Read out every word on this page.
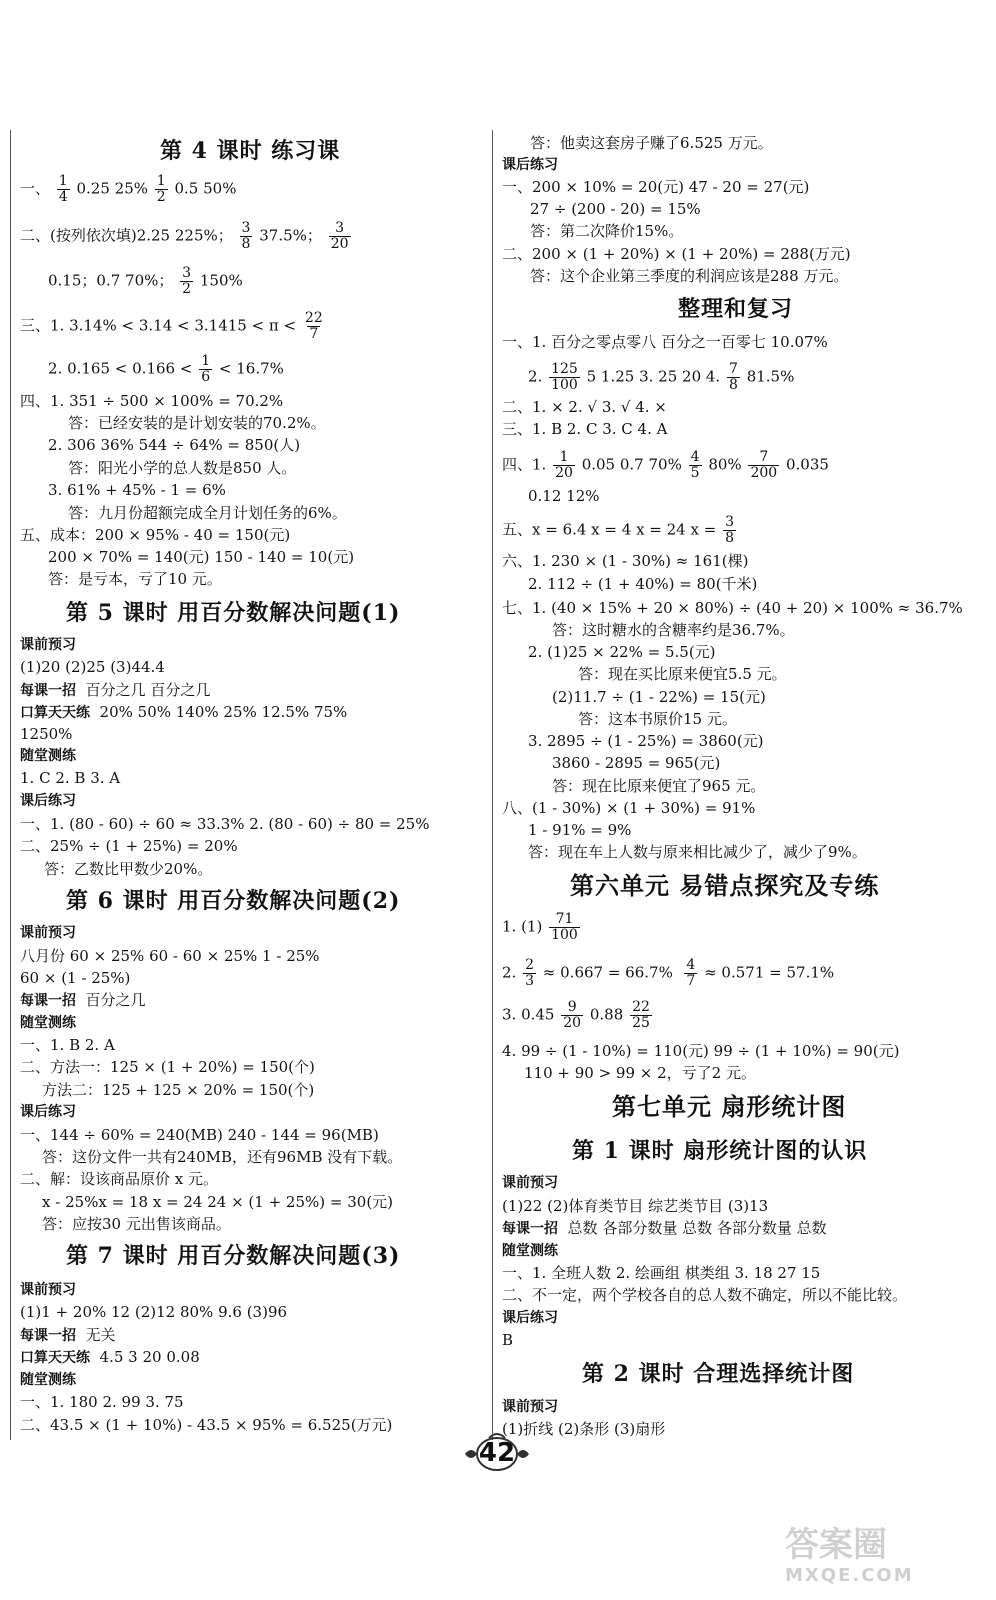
第 4 课时 练习课
一、 $\frac{1}{4} 0.25$ $25\% \frac{1}{2} 0.5$ 50%
二、(按列依次填)2.25 225%； $\frac{3}{8} 37.5\%$； $\frac{3}{20}$
0.15；0.7 70%； $\frac{3}{2} 150\%$
三、1. $3.14\% < 3.14 < 3.1415 < \pi < \frac{22}{7}$
2. $0.165 < 0.166 < \frac{1}{6} < 16.7\%$
四、1. 351 ÷ 500 × 100% = 70.2%
答：已经安装的是计划安装的70.2%。
2. 306 36% 544 ÷ 64% = 850(人)
答：阳光小学的总人数是850 人。
3. 61% + 45% - 1 = 6%
答：九月份超额完成全月计划任务的6%。
五、成本：200 × 95% - 40 = 150(元)
200 × 70% = 140(元) 150 - 140 = 10(元)
答：是亏本，亏了10 元。
第 5 课时 用百分数解决问题(1)
课前预习
(1)20 (2)25 (3)44.4
每课一招 百分之几 百分之几
口算天天练 20% 50% 140% 25% 12.5% 75%
1250%
随堂测练
1. C 2. B 3. A
课后练习
一、1. (80 - 60) ÷ 60 ≈ 33.3% 2. (80 - 60) ÷ 80 = 25%
二、25% ÷ (1 + 25%) = 20%
答：乙数比甲数少20%。
第 6 课时 用百分数解决问题(2)
课前预习
八月份 60 × 25% 60 - 60 × 25% 1 - 25%
60 × (1 - 25%)
每课一招 百分之几
随堂测练
一、1. B 2. A
二、方法一：125 × (1 + 20%) = 150(个)
方法二：125 + 125 × 20% = 150(个)
课后练习
一、144 ÷ 60% = 240(MB) 240 - 144 = 96(MB)
答：这份文件一共有240MB，还有96MB 没有下载。
二、解：设该商品原价 x 元。
x - 25%x = 18 x = 24 24 × (1 + 25%) = 30(元)
答：应按30 元出售该商品。
第 7 课时 用百分数解决问题(3)
课前预习
(1)1 + 20% 12 (2)12 80% 9.6 (3)96
每课一招 无关
口算天天练 4.5 3 20 0.08
随堂测练
一、1. 180 2. 99 3. 75
二、43.5 × (1 + 10%) - 43.5 × 95% = 6.525(万元)
答：他卖这套房子赚了6.525 万元。
课后练习
一、200 × 10% = 20(元) 47 - 20 = 27(元)
27 ÷ (200 - 20) = 15%
答：第二次降价15%。
二、200 × (1 + 20%) × (1 + 20%) = 288(万元)
答：这个企业第三季度的利润应该是288 万元。
整理和复习
一、1. 百分之零点零八 百分之一百零七 10.07%
2. $\frac{125}{100} 5$ 1.25 3. 25 20 4. $\frac{7}{8} 81.5\%$
二、1. × 2. √ 3. √ 4. ×
三、1. B 2. C 3. C 4. A
四、1. $\frac{1}{20} 0.05$ 0.7 $70\% \frac{4}{5} 80\% \frac{7}{200} 0.035$
0.12 12%
五、x = 6.4 x = 4 x = 24 $x = \frac{3}{8}$
六、1. 230 × (1 - 30%) ≈ 161(棵)
2. 112 ÷ (1 + 40%) = 80(千米)
七、1. (40 × 15% + 20 × 80%) ÷ (40 + 20) × 100% ≈ 36.7%
答：这时糖水的含糖率约是36.7%。
2. (1)25 × 22% = 5.5(元)
答：现在买比原来便宜5.5 元。
(2)11.7 ÷ (1 - 22%) = 15(元)
答：这本书原价15 元。
3. 2895 ÷ (1 - 25%) = 3860(元)
3860 - 2895 = 965(元)
答：现在比原来便宜了965 元。
八、(1 - 30%) × (1 + 30%) = 91%
1 - 91% = 9%
答：现在车上人数与原来相比减少了，减少了9%。
第六单元 易错点探究及专练
1. $(1) \frac{71}{100}$
2. $\frac{2}{3} \approx 0.667 = 66.7\% \frac{4}{7} \approx 0.571 = 57.1\%$
3. $0.45 \frac{9}{20} 0.88 \frac{22}{25}$
4. 99 ÷ (1 - 10%) = 110(元) 99 ÷ (1 + 10%) = 90(元)
110 + 90 > 99 × 2，亏了2 元。
第七单元 扇形统计图
第 1 课时 扇形统计图的认识
课前预习
(1)22 (2)体育类节目 综艺类节目 (3)13
每课一招 总数 各部分数量 总数 各部分数量 总数
随堂测练
一、1. 全班人数 2. 绘画组 棋类组 3. 18 27 15
二、不一定，两个学校各自的总人数不确定，所以不能比较。
课后练习
B
第 2 课时 合理选择统计图
课前预习
(1)折线 (2)条形 (3)扇形
42
答案圈
MXQE.COM
